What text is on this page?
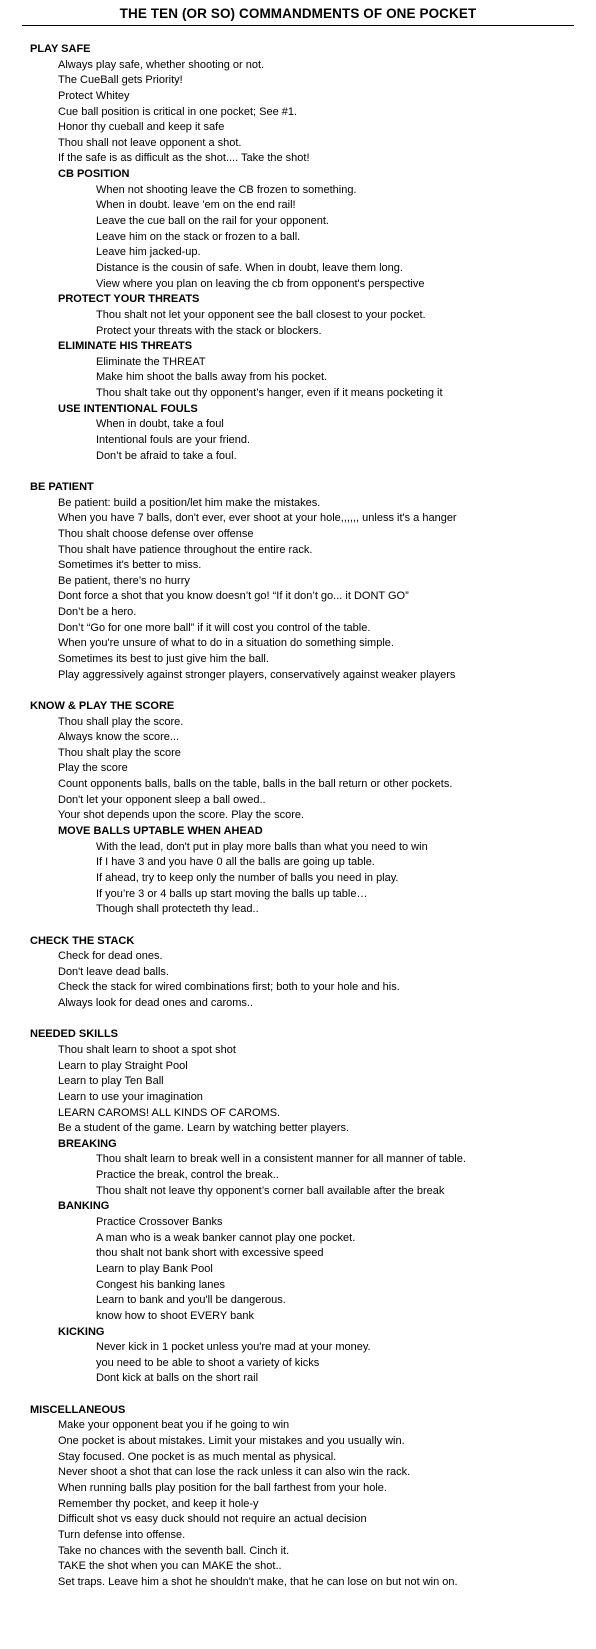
THE TEN (OR SO) COMMANDMENTS OF ONE POCKET
PLAY SAFE
Always play safe, whether shooting or not.
The CueBall gets Priority!
Protect Whitey
Cue ball position is critical in one pocket; See #1.
Honor thy cueball and keep it safe
Thou shall not leave opponent a shot.
If the safe is as difficult as the shot.... Take the shot!
CB POSITION
When not shooting leave the CB frozen to something.
When in doubt. leave 'em on the end rail!
Leave the cue ball on the rail for your opponent.
Leave him on the stack or frozen to a ball.
Leave him jacked-up.
Distance is the cousin of safe. When in doubt, leave them long.
View where you plan on leaving the cb from opponent's perspective
PROTECT YOUR THREATS
Thou shalt not let your opponent see the ball closest to your pocket.
Protect your threats with the stack or blockers.
ELIMINATE HIS THREATS
Eliminate the THREAT
Make him shoot the balls away from his pocket.
Thou shalt take out thy opponent’s hanger, even if it means pocketing it
USE INTENTIONAL FOULS
When in doubt, take a foul
Intentional fouls are your friend.
Don’t be afraid to take a foul.
BE PATIENT
Be patient: build a position/let him make the mistakes.
When you have 7 balls, don't ever, ever shoot at your hole,,,,,, unless it's a hanger
Thou shalt choose defense over offense
Thou shalt have patience throughout the entire rack.
Sometimes it's better to miss.
Be patient, there’s no hurry
Dont force a shot that you know doesn’t go! “If it don’t go... it DONT GO”
Don’t be a hero.
Don’t “Go for one more ball” if it will cost you control of the table.
When you're unsure of what to do in a situation do something simple.
Sometimes its best to just give him the ball.
Play aggressively against stronger players, conservatively against weaker players
KNOW & PLAY THE SCORE
Thou shall play the score.
Always know the score...
Thou shalt play the score
Play the score
Count opponents balls, balls on the table, balls in the ball return or other pockets.
Don't let your opponent sleep a ball owed..
Your shot depends upon the score. Play the score.
MOVE BALLS UPTABLE WHEN AHEAD
With the lead, don't put in play more balls than what you need to win
If I have 3 and you have 0 all the balls are going up table.
If ahead, try to keep only the number of balls you need in play.
If you’re 3 or 4 balls up start moving the balls up table…
Though shall protecteth thy lead..
CHECK THE STACK
Check for dead ones.
Don't leave dead balls.
Check the stack for wired combinations first; both to your hole and his.
Always look for dead ones and caroms..
NEEDED SKILLS
Thou shalt learn to shoot a spot shot
Learn to play Straight Pool
Learn to play Ten Ball
Learn to use your imagination
LEARN CAROMS! ALL KINDS OF CAROMS.
Be a student of the game. Learn by watching better players.
BREAKING
Thou shalt learn to break well in a consistent manner for all manner of table.
Practice the break, control the break..
Thou shalt not leave thy opponent’s corner ball available after the break
BANKING
Practice Crossover Banks
A man who is a weak banker cannot play one pocket.
thou shalt not bank short with excessive speed
Learn to play Bank Pool
Congest his banking lanes
Learn to bank and you'll be dangerous.
know how to shoot EVERY bank
KICKING
Never kick in 1 pocket unless you're mad at your money.
you need to be able to shoot a variety of kicks
Dont kick at balls on the short rail
MISCELLANEOUS
Make your opponent beat you if he going to win
One pocket is about mistakes. Limit your mistakes and you usually win.
Stay focused. One pocket is as much mental as physical.
Never shoot a shot that can lose the rack unless it can also win the rack.
When running balls play position for the ball farthest from your hole.
Remember thy pocket, and keep it hole-y
Difficult shot vs easy duck should not require an actual decision
Turn defense into offense.
Take no chances with the seventh ball. Cinch it.
TAKE the shot when you can MAKE the shot..
Set traps. Leave him a shot he shouldn't make, that he can lose on but not win on.
